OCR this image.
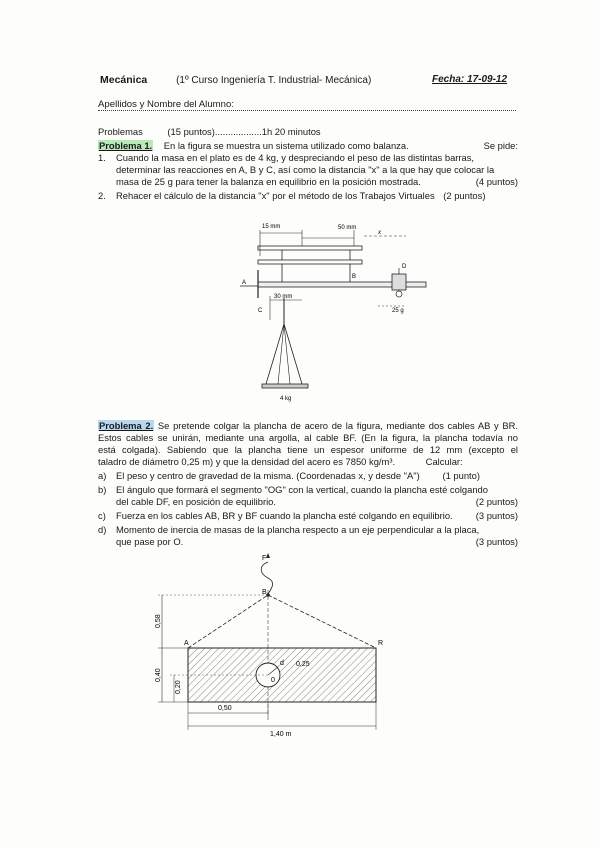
Mecánica	(1º Curso Ingeniería T. Industrial- Mecánica)	Fecha: 17-09-12
Apellidos y Nombre del Alumno:
Problemas	(15 puntos)..................1h 20 minutos
Problema 1. En la figura se muestra un sistema utilizado como balanza.	Se pide:
1. Cuando la masa en el plato es de 4 kg, y despreciando el peso de las distintas barras,
determinar las reacciones en A, B y C, así como la distancia "x" a la que hay que colocar la
masa de 25 g para tener la balanza en equilibrio en la posición mostrada.	(4 puntos)
2. Rehacer el cálculo de la distancia "x" por el método de los Trabajos Virtuales (2 puntos)
15 mm	50 mm
x
A
B
D
25 g
30 mm
C
4 kg
Problema 2. Se pretende colgar la plancha de acero de la figura, mediante dos cables AB y BR.
Estos cables se unirán, mediante una argolla, al cable BF. (En la figura, la plancha todavía no
está colgada). Sabiendo que la plancha tiene un espesor uniforme de 12 mm (excepto el
taladro de diámetro 0,25 m) y que la densidad del acero es 7850 kg/m³.	Calcular:
a) El peso y centro de gravedad de la misma. (Coordenadas x, y desde "A") (1 punto)
b) El ángulo que formará el segmento "OG" con la vertical, cuando la plancha esté colgando
del cable DF, en posición de equilibrio.	(2 puntos)
c) Fuerza en los cables AB, BR y BF cuando la plancha esté colgando en equilibrio. (3 puntos)
d) Momento de inercia de masas de la plancha respecto a un eje perpendicular a la placa,
que pase por O.	(3 puntos)
F
B
A	R
d
0
0,25
0,58
0,40
0,20
0,50
1,40 m
